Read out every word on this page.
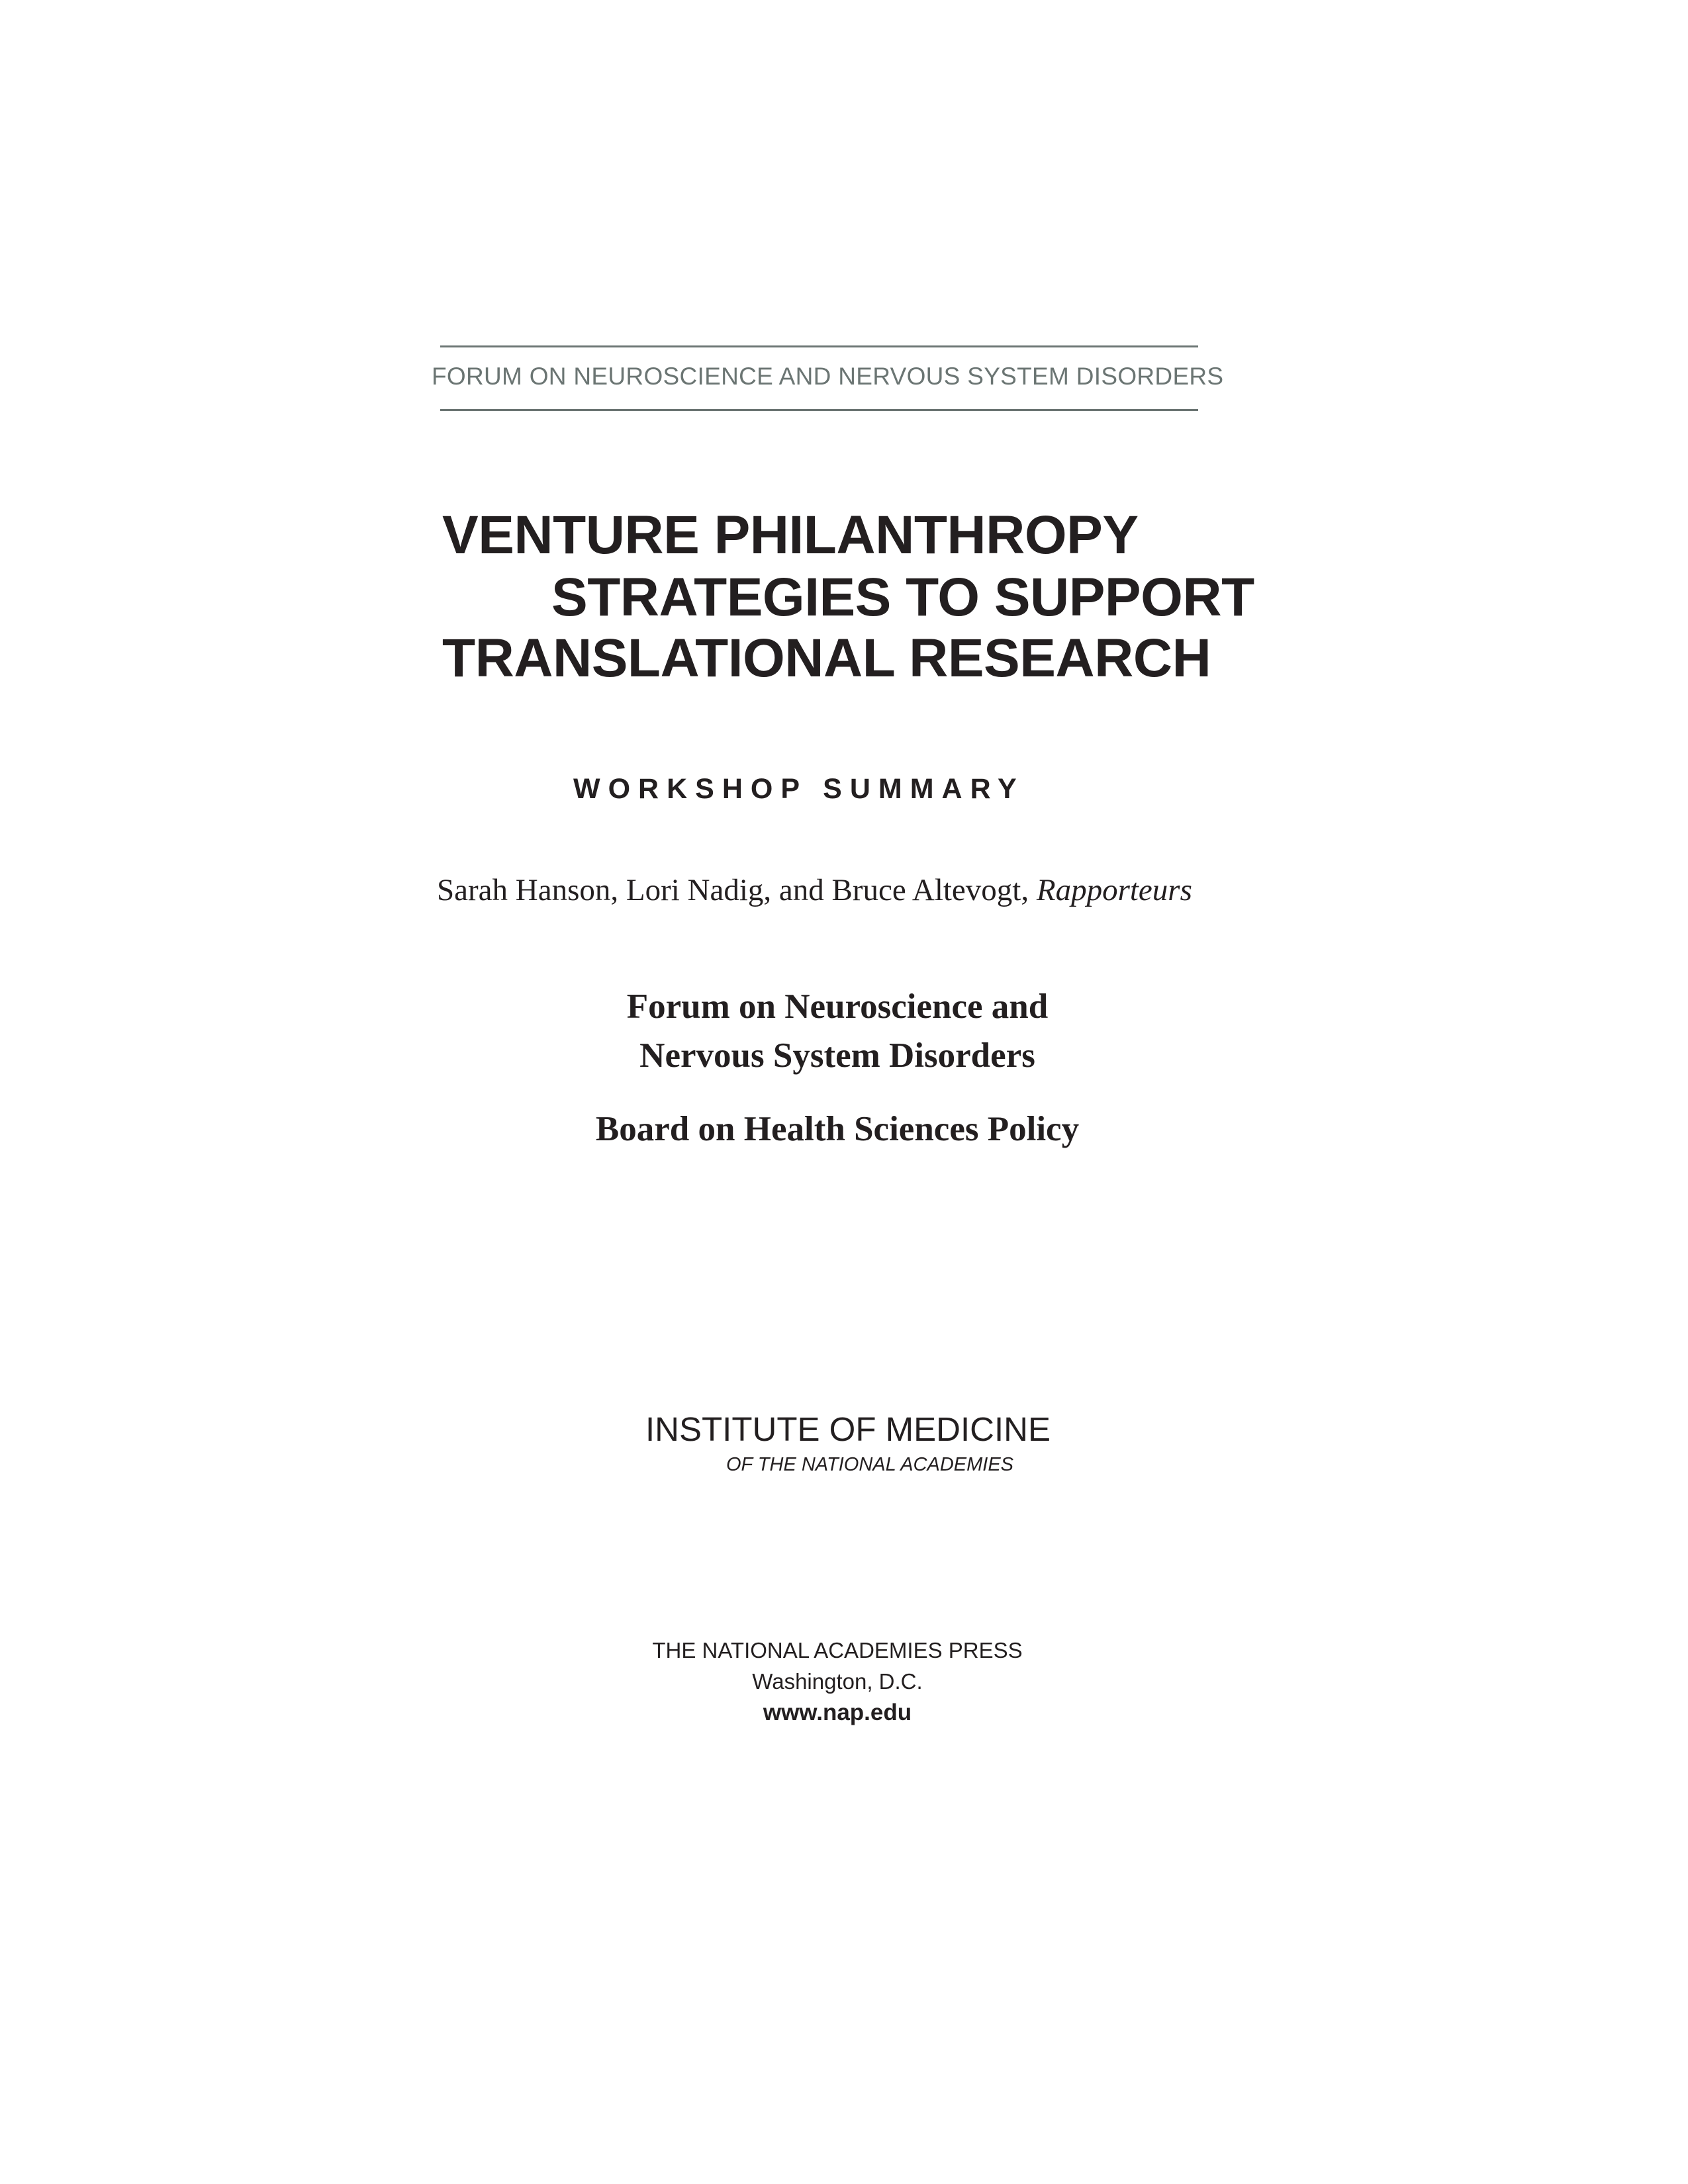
FORUM ON NEUROSCIENCE AND NERVOUS SYSTEM DISORDERS
VENTURE PHILANTHROPY
STRATEGIES TO SUPPORT
TRANSLATIONAL RESEARCH
WORKSHOP SUMMARY
Sarah Hanson, Lori Nadig, and Bruce Altevogt, Rapporteurs
Forum on Neuroscience and
Nervous System Disorders
Board on Health Sciences Policy
INSTITUTE OF MEDICINE
OF THE NATIONAL ACADEMIES
THE NATIONAL ACADEMIES PRESS
Washington, D.C.
www.nap.edu
